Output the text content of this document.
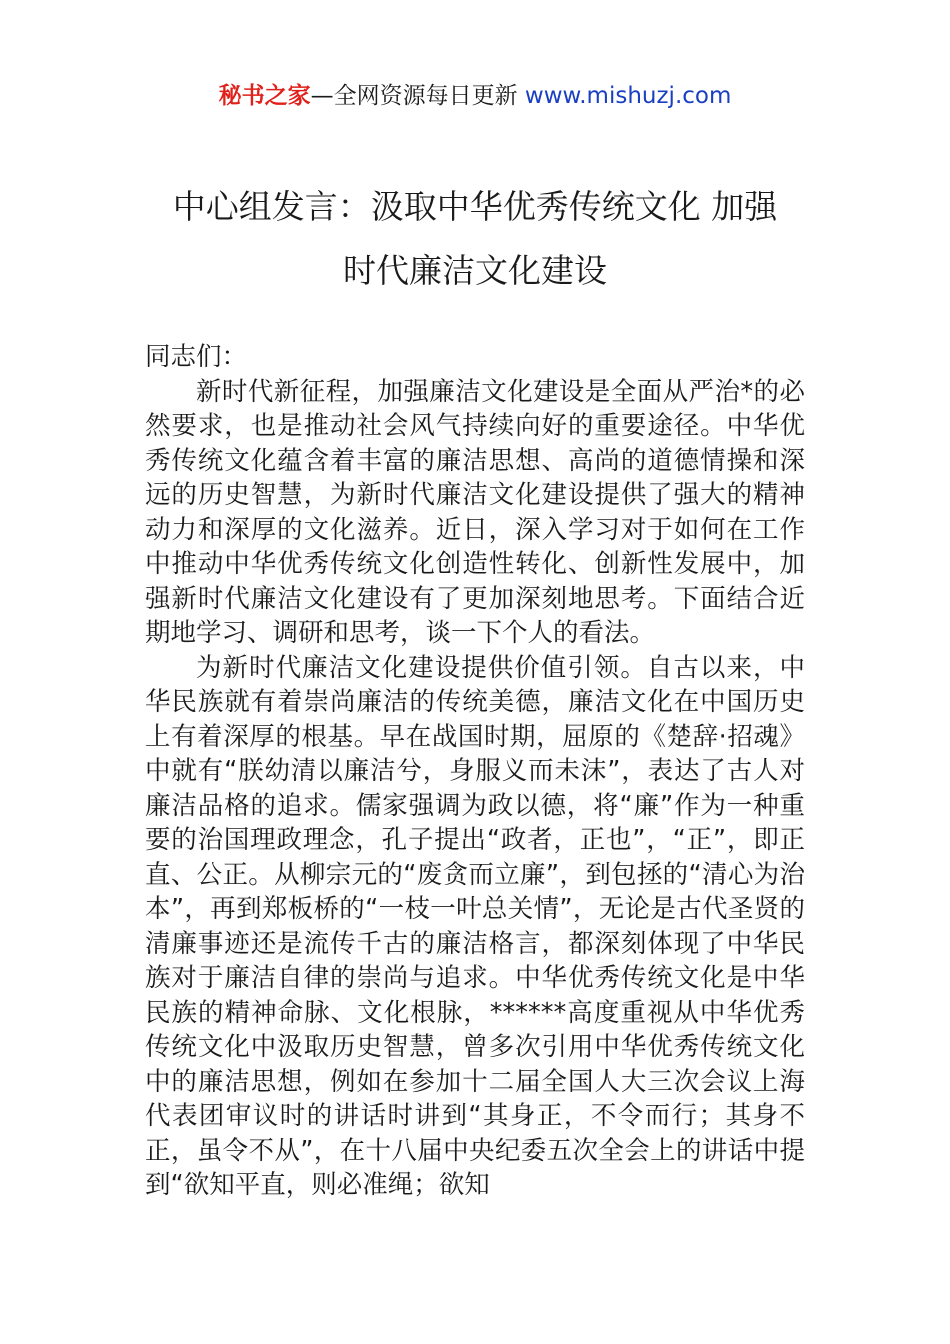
秘书之家—全网资源每日更新 www.mishuzj.com
中心组发言：汲取中华优秀传统文化 加强
时代廉洁文化建设

同志们：

新时代新征程，加强廉洁文化建设是全面从严治*的必然要求，也是推动社会风气持续向好的重要途径。中华优秀传统文化蕴含着丰富的廉洁思想、高尚的道德情操和深远的历史智慧，为新时代廉洁文化建设提供了强大的精神动力和深厚的文化滋养。近日，深入学习对于如何在工作中推动中华优秀传统文化创造性转化、创新性发展中，加强新时代廉洁文化建设有了更加深刻地思考。下面结合近期地学习、调研和思考，谈一下个人的看法。

为新时代廉洁文化建设提供价值引领。自古以来，中华民族就有着崇尚廉洁的传统美德，廉洁文化在中国历史上有着深厚的根基。早在战国时期，屈原的《楚辞·招魂》中就有“朕幼清以廉洁兮，身服义而未沫”，表达了古人对廉洁品格的追求。儒家强调为政以德，将“廉”作为一种重要的治国理政理念，孔子提出“政者，正也”，“正”，即正直、公正。从柳宗元的“废贪而立廉”，到包拯的“清心为治本”，再到郑板桥的“一枝一叶总关情”，无论是古代圣贤的清廉事迹还是流传千古的廉洁格言，都深刻体现了中华民族对于廉洁自律的崇尚与追求。中华优秀传统文化是中华民族的精神命脉、文化根脉，******高度重视从中华优秀传统文化中汲取历史智慧，曾多次引用中华优秀传统文化中的廉洁思想，例如在参加十二届全国人大三次会议上海代表团审议时的讲话时讲到“其身正，不令而行；其身不正，虽令不从”，在十八届中央纪委五次全会上的讲话中提到“欲知平直，则必准绳；欲知
